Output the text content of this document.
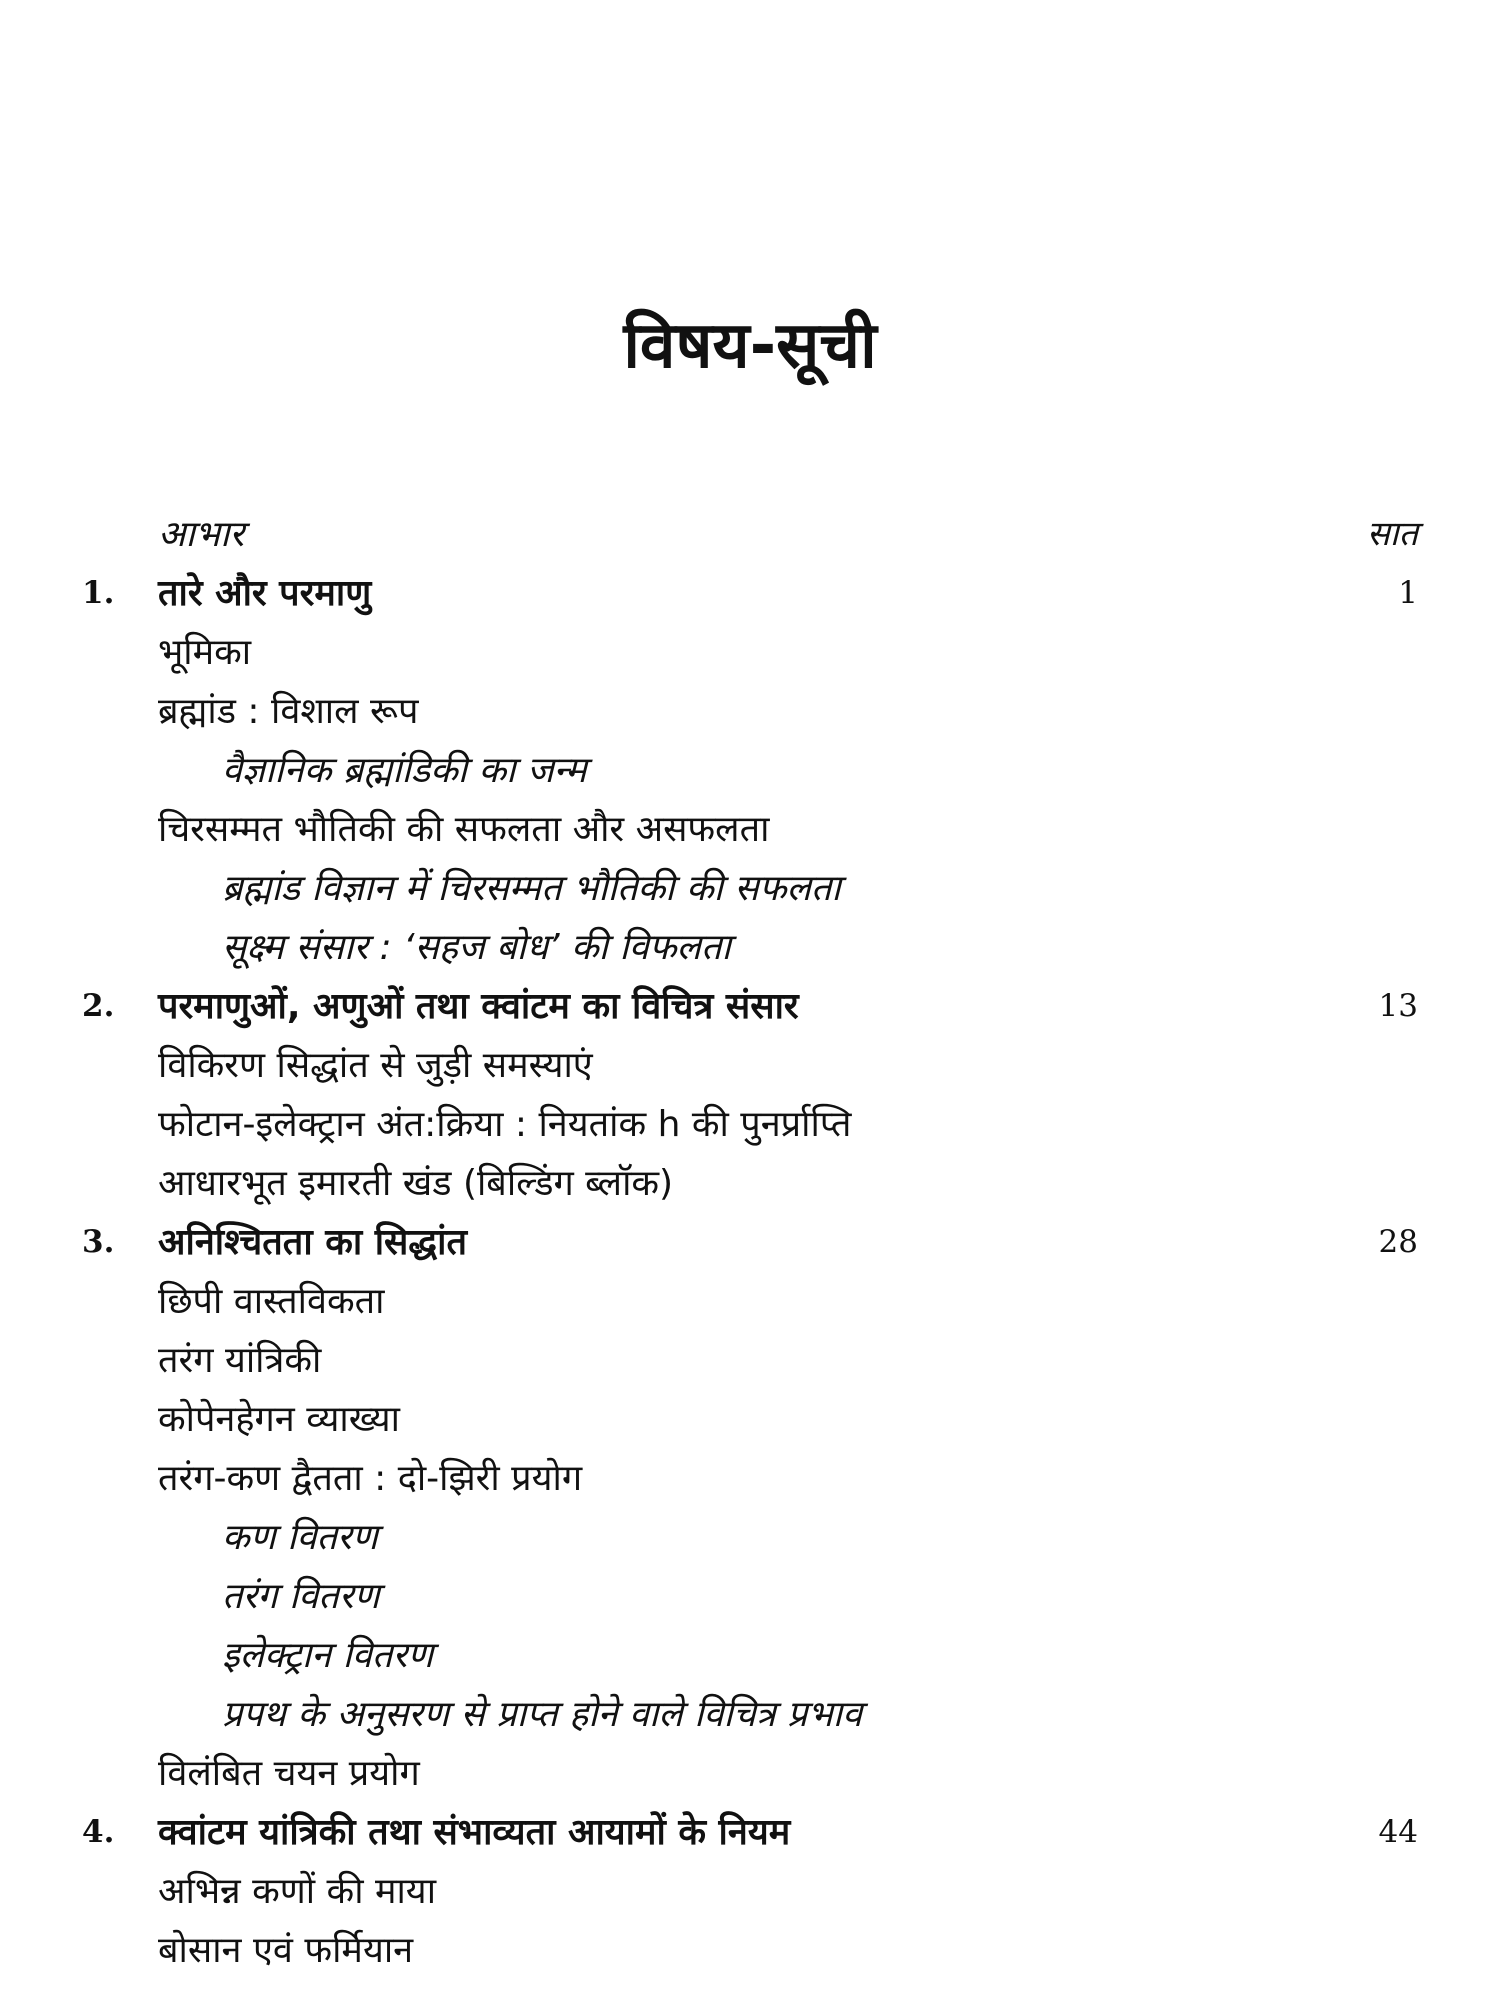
विषय-सूची
आभार	सात
1. तारे और परमाणु	1
भूमिका
ब्रह्मांड : विशाल रूप
वैज्ञानिक ब्रह्मांडिकी का जन्म
चिरसम्मत भौतिकी की सफलता और असफलता
ब्रह्मांड विज्ञान में चिरसम्मत भौतिकी की सफलता
सूक्ष्म संसार : ‘सहज बोध’ की विफलता
2. परमाणुओं, अणुओं तथा क्वांटम का विचित्र संसार	13
विकिरण सिद्धांत से जुड़ी समस्याएं
फोटान-इलेक्ट्रान अंत:क्रिया : नियतांक h की पुनर्प्राप्ति
आधारभूत इमारती खंड (बिल्डिंग ब्लॉक)
3. अनिश्चितता का सिद्धांत	28
छिपी वास्तविकता
तरंग यांत्रिकी
कोपेनहेगन व्याख्या
तरंग-कण द्वैतता : दो-झिरी प्रयोग
कण वितरण
तरंग वितरण
इलेक्ट्रान वितरण
प्रपथ के अनुसरण से प्राप्त होने वाले विचित्र प्रभाव
विलंबित चयन प्रयोग
4. क्वांटम यांत्रिकी तथा संभाव्यता आयामों के नियम	44
अभिन्न कणों की माया
बोसान एवं फर्मियान
